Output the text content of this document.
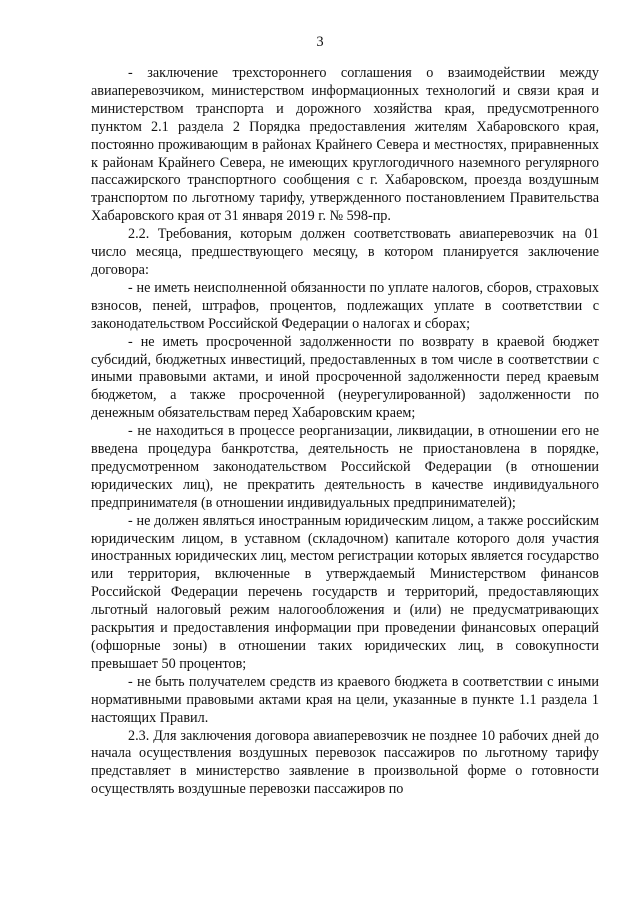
3

- заключение трехстороннего соглашения о взаимодействии между авиаперевозчиком, министерством информационных технологий и связи края и министерством транспорта и дорожного хозяйства края, предусмотренного пунктом 2.1 раздела 2 Порядка предоставления жителям Хабаровского края, постоянно проживающим в районах Крайнего Севера и местностях, приравненных к районам Крайнего Севера, не имеющих круглогодичного наземного регулярного пассажирского транспортного сообщения с г. Хабаровском, проезда воздушным транспортом по льготному тарифу, утвержденного постановлением Правительства Хабаровского края от 31 января 2019 г. № 598-пр.

2.2. Требования, которым должен соответствовать авиаперевозчик на 01 число месяца, предшествующего месяцу, в котором планируется заключение договора:

- не иметь неисполненной обязанности по уплате налогов, сборов, страховых взносов, пеней, штрафов, процентов, подлежащих уплате в соответствии с законодательством Российской Федерации о налогах и сборах;

- не иметь просроченной задолженности по возврату в краевой бюджет субсидий, бюджетных инвестиций, предоставленных в том числе в соответствии с иными правовыми актами, и иной просроченной задолженности перед краевым бюджетом, а также просроченной (неурегулированной) задолженности по денежным обязательствам перед Хабаровским краем;

- не находиться в процессе реорганизации, ликвидации, в отношении его не введена процедура банкротства, деятельность не приостановлена в порядке, предусмотренном законодательством Российской Федерации (в отношении юридических лиц), не прекратить деятельность в качестве индивидуального предпринимателя (в отношении индивидуальных предпринимателей);

- не должен являться иностранным юридическим лицом, а также российским юридическим лицом, в уставном (складочном) капитале которого доля участия иностранных юридических лиц, местом регистрации которых является государство или территория, включенные в утверждаемый Министерством финансов Российской Федерации перечень государств и территорий, предоставляющих льготный налоговый режим налогообложения и (или) не предусматривающих раскрытия и предоставления информации при проведении финансовых операций (офшорные зоны) в отношении таких юридических лиц, в совокупности превышает 50 процентов;

- не быть получателем средств из краевого бюджета в соответствии с иными нормативными правовыми актами края на цели, указанные в пункте 1.1 раздела 1 настоящих Правил.

2.3. Для заключения договора авиаперевозчик не позднее 10 рабочих дней до начала осуществления воздушных перевозок пассажиров по льготному тарифу представляет в министерство заявление в произвольной форме о готовности осуществлять воздушные перевозки пассажиров по
